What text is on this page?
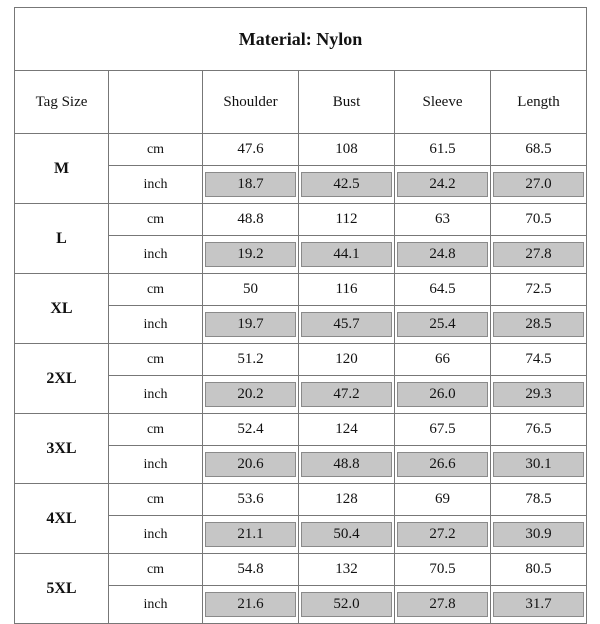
Material: Nylon					
Tag Size		Shoulder	Bust	Sleeve	Length
M	cm	47.6	108	61.5	68.5
	inch	18.7	42.5	24.2	27.0

L	cm	48.8	112	63	70.5
	inch	19.2	44.1	24.8	27.8

XL	cm	50	116	64.5	72.5
	inch	19.7	45.7	25.4	28.5

2XL	cm	51.2	120	66	74.5
	inch	20.2	47.2	26.0	29.3

3XL	cm	52.4	124	67.5	76.5
	inch	20.6	48.8	26.6	30.1

4XL	cm	53.6	128	69	78.5
	inch	21.1	50.4	27.2	30.9

5XL	cm	54.8	132	70.5	80.5
	inch	21.6	52.0	27.8	31.7
